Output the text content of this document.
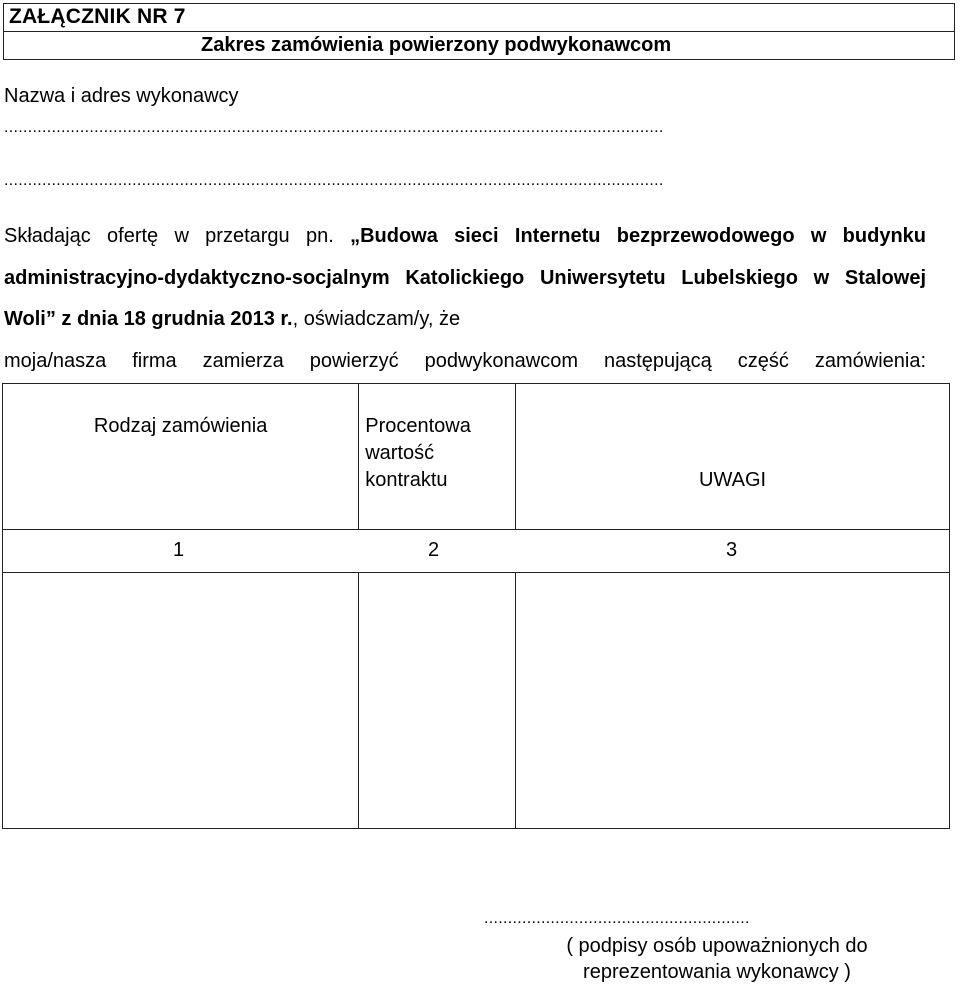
ZAŁĄCZNIK NR 7
Zakres zamówienia powierzony podwykonawcom
Nazwa i adres wykonawcy
...........................................................................................................................................
...........................................................................................................................................
Składając ofertę w przetargu pn. „Budowa sieci Internetu bezprzewodowego w budynku administracyjno-dydaktyczno-socjalnym Katolickiego Uniwersytetu Lubelskiego w Stalowej Woli” z dnia 18 grudnia 2013 r., oświadczam/y, że
moja/nasza firma zamierza powierzyć podwykonawcom następującą część zamówienia:
Rodzaj zamówienia	Procentowa
wartość
kontraktu	UWAGI

1 2 3		

........................................................
( podpisy osób upoważnionych do
reprezentowania wykonawcy )
